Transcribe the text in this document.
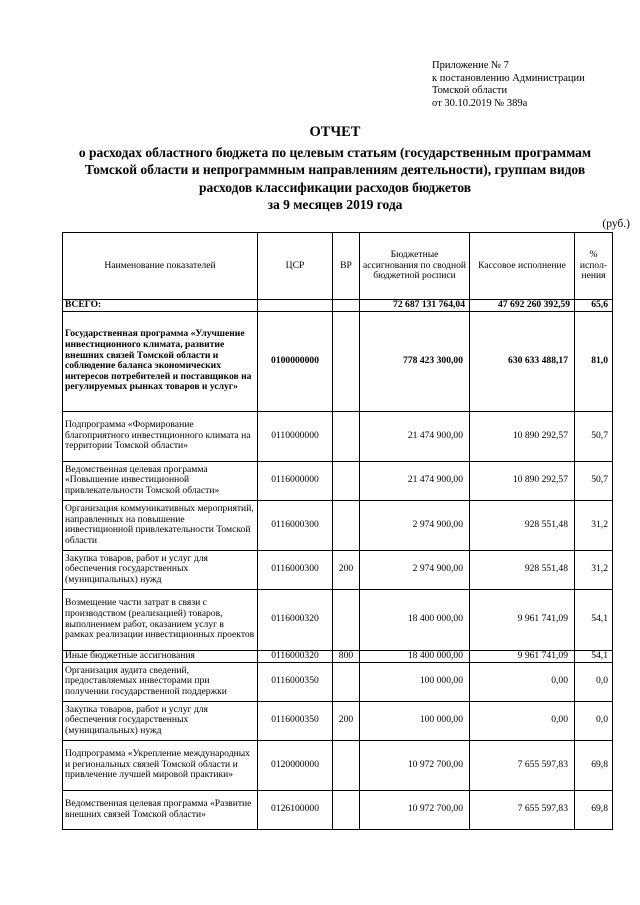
Приложение № 7
к постановлению Администрации
Томской области
от 30.10.2019 № 389а
ОТЧЕТ
о расходах областного бюджета по целевым статьям (государственным программам
Томской области и непрограммным направлениям деятельности), группам видов
расходов классификации расходов бюджетов
за 9 месяцев 2019 года
(руб.)
Наименование показателей	ЦСР	ВР	Бюджетные ассигнования по сводной бюджетной росписи	Кассовое исполнение	% испол-нения
ВСЕГО:			72 687 131 764,04	47 692 260 392,59	65,6
Государственная программа «Улучшение инвестиционного климата, развитие внешних связей Томской области и соблюдение баланса экономических интересов потребителей и поставщиков на регулируемых рынках товаров и услуг»	0100000000		778 423 300,00	630 633 488,17	81,0
Подпрограмма «Формирование благоприятного инвестиционного климата на территории Томской области»	0110000000		21 474 900,00	10 890 292,57	50,7
Ведомственная целевая программа «Повышение инвестиционной привлекательности Томской области»	0116000000		21 474 900,00	10 890 292,57	50,7
Организация коммуникативных мероприятий, направленных на повышение инвестиционной привлекательности Томской области	0116000300		2 974 900,00	928 551,48	31,2
Закупка товаров, работ и услуг для обеспечения государственных (муниципальных) нужд	0116000300	200	2 974 900,00	928 551,48	31,2
Возмещение части затрат в связи с производством (реализацией) товаров, выполнением работ, оказанием услуг в рамках реализации инвестиционных проектов	0116000320		18 400 000,00	9 961 741,09	54,1
Иные бюджетные ассигнования	0116000320	800	18 400 000,00	9 961 741,09	54,1
Организация аудита сведений, предоставляемых инвесторами при получении государственной поддержки	0116000350		100 000,00	0,00	0,0
Закупка товаров, работ и услуг для обеспечения государственных (муниципальных) нужд	0116000350	200	100 000,00	0,00	0,0
Подпрограмма «Укрепление международных и региональных связей Томской области и привлечение лучшей мировой практики»	0120000000		10 972 700,00	7 655 597,83	69,8
Ведомственная целевая программа «Развитие внешних связей Томской области»	0126100000		10 972 700,00	7 655 597,83	69,8
